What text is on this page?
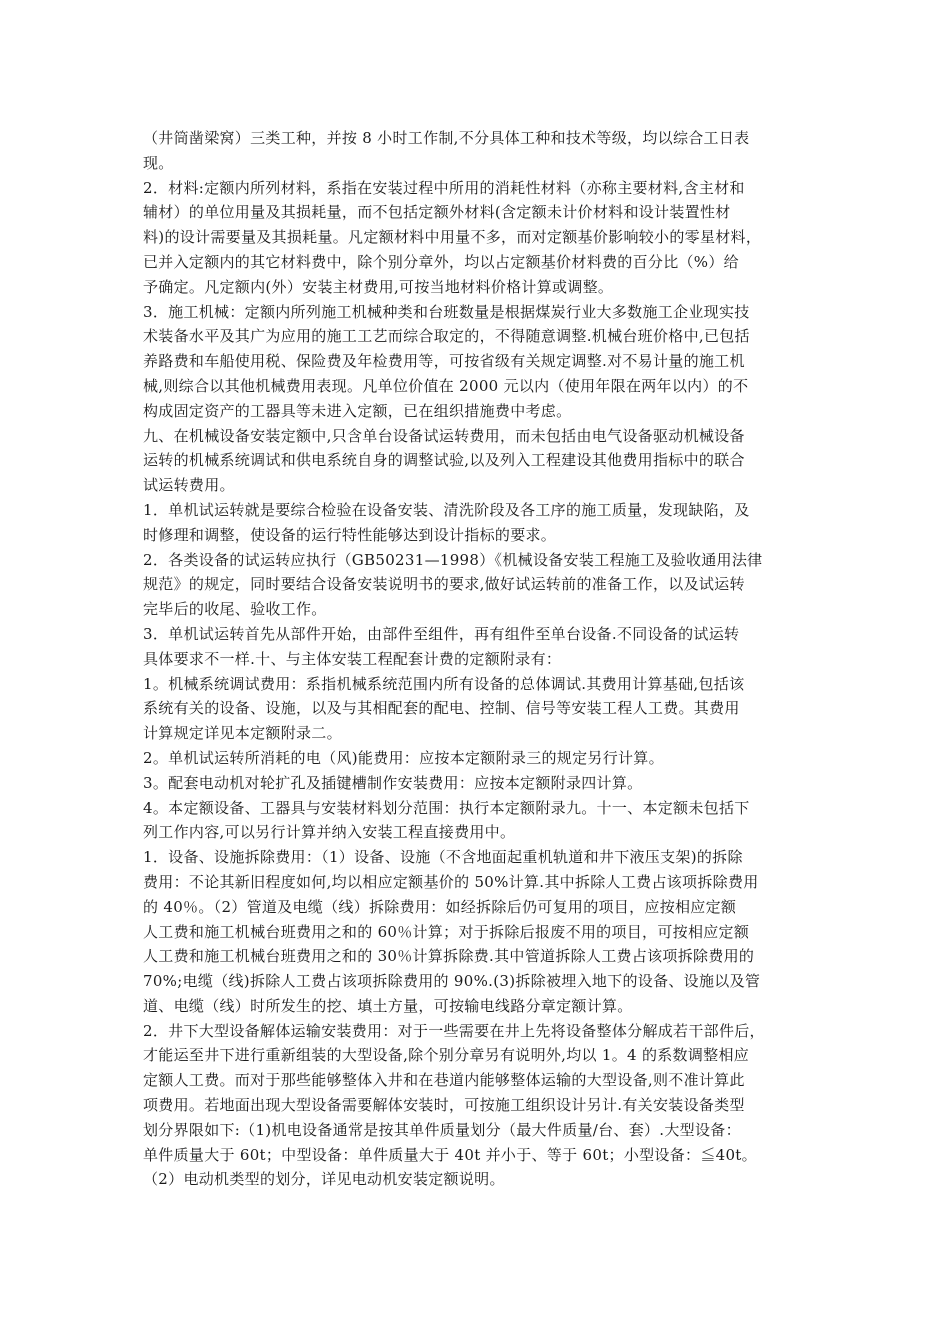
（井筒凿梁窝）三类工种，并按 8 小时工作制,不分具体工种和技术等级，均以综合工日表
现。
2．材料:定额内所列材料，系指在安装过程中所用的消耗性材料（亦称主要材料,含主材和
辅材）的单位用量及其损耗量，而不包括定额外材料(含定额未计价材料和设计装置性材
料)的设计需要量及其损耗量。凡定额材料中用量不多，而对定额基价影响较小的零星材料，
已并入定额内的其它材料费中，除个别分章外，均以占定额基价材料费的百分比（%）给
予确定。凡定额内(外）安装主材费用,可按当地材料价格计算或调整。
3．施工机械：定额内所列施工机械种类和台班数量是根据煤炭行业大多数施工企业现实技
术装备水平及其广为应用的施工工艺而综合取定的，不得随意调整.机械台班价格中,已包括
养路费和车船使用税、保险费及年检费用等，可按省级有关规定调整.对不易计量的施工机
械,则综合以其他机械费用表现。凡单位价值在 2000 元以内（使用年限在两年以内）的不
构成固定资产的工器具等未进入定额，已在组织措施费中考虑。
九、在机械设备安装定额中,只含单台设备试运转费用，而未包括由电气设备驱动机械设备
运转的机械系统调试和供电系统自身的调整试验,以及列入工程建设其他费用指标中的联合
试运转费用。
1．单机试运转就是要综合检验在设备安装、清洗阶段及各工序的施工质量，发现缺陷，及
时修理和调整，使设备的运行特性能够达到设计指标的要求。
2．各类设备的试运转应执行（GB50231—1998）《机械设备安装工程施工及验收通用法律
规范》的规定，同时要结合设备安装说明书的要求,做好试运转前的准备工作，以及试运转
完毕后的收尾、验收工作。
3．单机试运转首先从部件开始，由部件至组件，再有组件至单台设备.不同设备的试运转
具体要求不一样.十、与主体安装工程配套计费的定额附录有：
1。机械系统调试费用：系指机械系统范围内所有设备的总体调试.其费用计算基础,包括该
系统有关的设备、设施，以及与其相配套的配电、控制、信号等安装工程人工费。其费用
计算规定详见本定额附录二。
2。单机试运转所消耗的电（风)能费用：应按本定额附录三的规定另行计算。
3。配套电动机对轮扩孔及插键槽制作安装费用：应按本定额附录四计算。
4。本定额设备、工器具与安装材料划分范围：执行本定额附录九。十一、本定额未包括下
列工作内容,可以另行计算并纳入安装工程直接费用中。
1．设备、设施拆除费用：（1）设备、设施（不含地面起重机轨道和井下液压支架)的拆除
费用：不论其新旧程度如何,均以相应定额基价的 50%计算.其中拆除人工费占该项拆除费用
的 40％。（2）管道及电缆（线）拆除费用：如经拆除后仍可复用的项目，应按相应定额
人工费和施工机械台班费用之和的 60％计算；对于拆除后报废不用的项目，可按相应定额
人工费和施工机械台班费用之和的 30％计算拆除费.其中管道拆除人工费占该项拆除费用的
70%;电缆（线)拆除人工费占该项拆除费用的 90%.(3)拆除被埋入地下的设备、设施以及管
道、电缆（线）时所发生的挖、填土方量，可按输电线路分章定额计算。
2．井下大型设备解体运输安装费用：对于一些需要在井上先将设备整体分解成若干部件后，
才能运至井下进行重新组装的大型设备,除个别分章另有说明外,均以 1。4 的系数调整相应
定额人工费。而对于那些能够整体入井和在巷道内能够整体运输的大型设备,则不准计算此
项费用。若地面出现大型设备需要解体安装时，可按施工组织设计另计.有关安装设备类型
划分界限如下:（1)机电设备通常是按其单件质量划分（最大件质量/台、套）.大型设备：
单件质量大于 60t；中型设备：单件质量大于 40t 并小于、等于 60t；小型设备：≦40t。
（2）电动机类型的划分，详见电动机安装定额说明。
